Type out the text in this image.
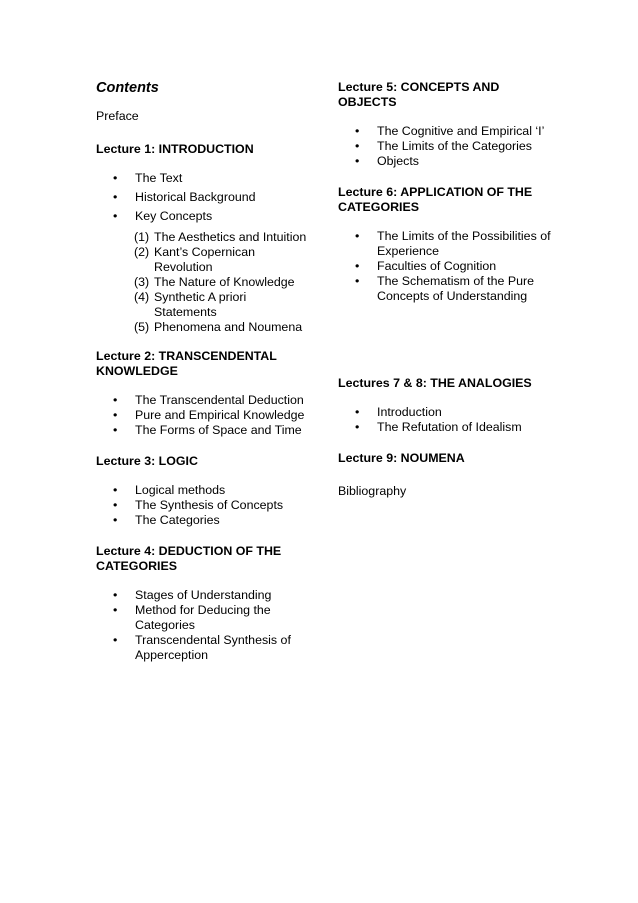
Contents
Preface
Lecture 1: INTRODUCTION
• The Text
• Historical Background
• Key Concepts
(1) The Aesthetics and Intuition
(2) Kant’s Copernican Revolution
(3) The Nature of Knowledge
(4) Synthetic A priori Statements
(5) Phenomena and Noumena
Lecture 2: TRANSCENDENTAL KNOWLEDGE
• The Transcendental Deduction
• Pure and Empirical Knowledge
• The Forms of Space and Time
Lecture 3: LOGIC
• Logical methods
• The Synthesis of Concepts
• The Categories
Lecture 4: DEDUCTION OF THE CATEGORIES
• Stages of Understanding
• Method for Deducing the Categories
• Transcendental Synthesis of Apperception
Lecture 5: CONCEPTS AND OBJECTS
• The Cognitive and Empirical ‘I’
• The Limits of the Categories
• Objects
Lecture 6: APPLICATION OF THE CATEGORIES
• The Limits of the Possibilities of Experience
• Faculties of Cognition
• The Schematism of the Pure Concepts of Understanding
Lectures 7 & 8: THE ANALOGIES
• Introduction
• The Refutation of Idealism
Lecture 9: NOUMENA
Bibliography
